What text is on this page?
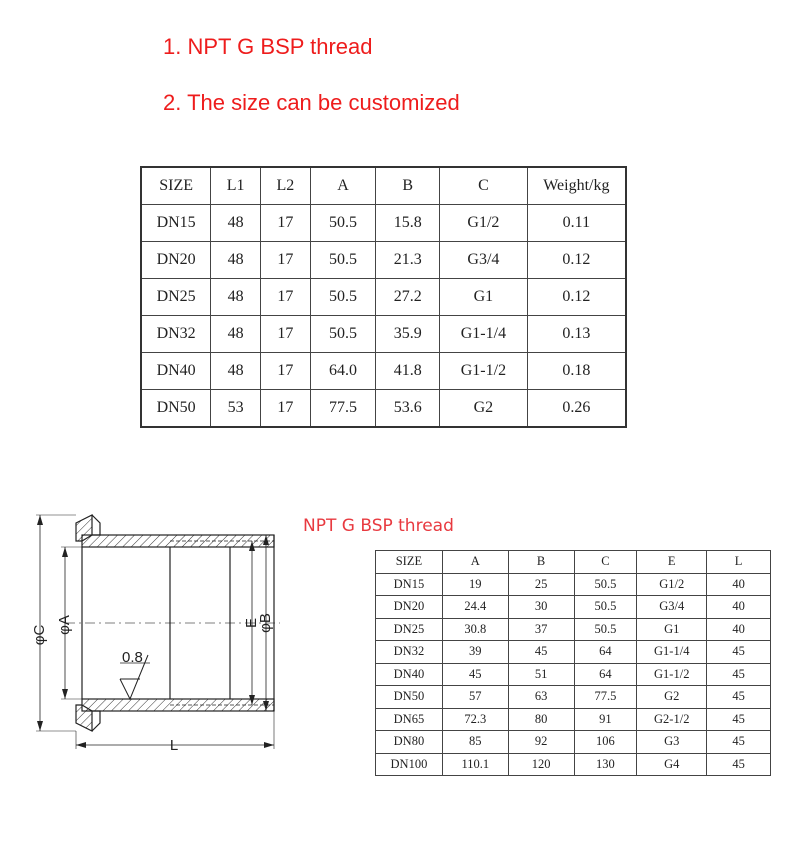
1. NPT G BSP thread
2. The size can be customized
SIZE	L1	L2	A	B	C	Weight/kg
DN15	48	17	50.5	15.8	G1/2	0.11
DN20	48	17	50.5	21.3	G3/4	0.12
DN25	48	17	50.5	27.2	G1	0.12
DN32	48	17	50.5	35.9	G1-1/4	0.13
DN40	48	17	64.0	41.8	G1-1/2	0.18
DN50	53	17	77.5	53.6	G2	0.26
NPT G BSP thread
φC φA	E
φB
0.8
L
SIZE	A	B	C	E	L
DN15	19	25	50.5	G1/2	40
DN20	24.4	30	50.5	G3/4	40
DN25	30.8	37	50.5	G1	40
DN32	39	45	64	G1-1/4	45
DN40	45	51	64	G1-1/2	45
DN50	57	63	77.5	G2	45
DN65	72.3	80	91	G2-1/2	45
DN80	85	92	106	G3	45
DN100	110.1	120	130	G4	45
